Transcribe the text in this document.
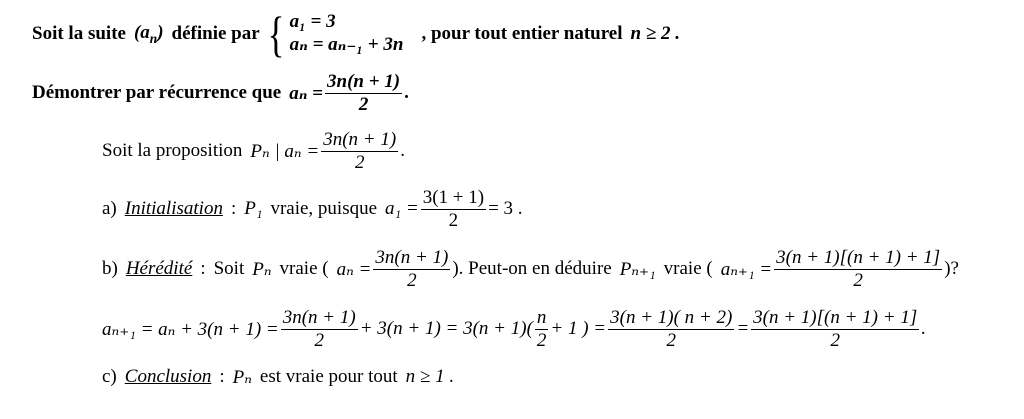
Soit la suite $(a_n)$ définie par { a₁ = 3
aₙ = aₙ₋₁ + 3n
, pour tout entier naturel n ≥ 2 .
Démontrer par récurrence que $a_n = \frac{3n(n + 1)}{2}$ .
Soit la proposition Pₙ | $a_n = \frac{3n(n + 1)}{2}$ .
a) Initialisation : P₁ vraie, puisque $a_1 = \frac{3(1 + 1)}{2} = 3$ .
b) Hérédité : Soit Pₙ vraie ( $a_n = \frac{3n(n + 1)}{2}$ ). Peut-on en déduire Pₙ₊₁ vraie ( $a_{n+1} = \frac{3(n + 1)[(n + 1) + 1]}{2}$ )?
$a_{n+1} = a_n + 3(n + 1) = \frac{3n(n + 1)}{2} + 3(n + 1) = 3(n + 1)( \frac{n}{2} + 1$ ) = $\frac{3(n + 1)( n + 2)}{2} = \frac{3(n + 1)[(n + 1) + 1]}{2}$ .
c) Conclusion : Pₙ est vraie pour tout n ≥ 1 .
